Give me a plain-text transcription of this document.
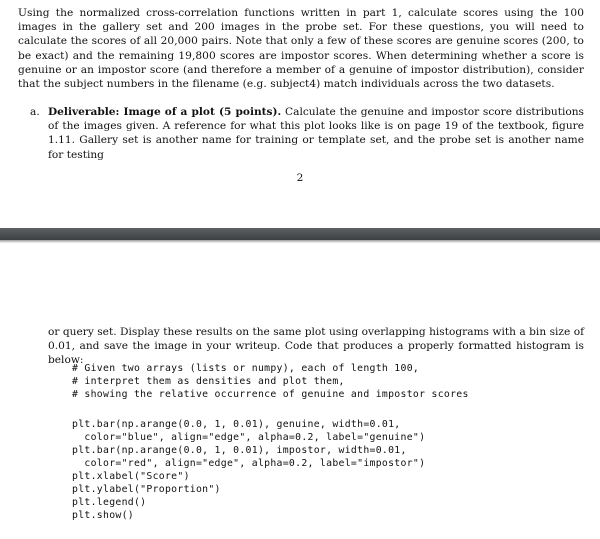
Using the normalized cross-correlation functions written in part 1, calculate scores using the 100 images in the gallery set and 200 images in the probe set. For these questions, you will need to calculate the scores of all 20,000 pairs. Note that only a few of these scores are genuine scores (200, to be exact) and the remaining 19,800 scores are impostor scores. When determining whether a score is genuine or an impostor score (and therefore a member of a genuine of impostor distribution), consider that the subject numbers in the filename (e.g. subject4) match individuals across the two datasets.
a. Deliverable: Image of a plot (5 points). Calculate the genuine and impostor score distributions of the images given. A reference for what this plot looks like is on page 19 of the textbook, figure 1.11. Gallery set is another name for training or template set, and the probe set is another name for testing
2
or query set. Display these results on the same plot using overlapping histograms with a bin size of 0.01, and save the image in your writeup. Code that produces a properly formatted histogram is below:
# Given two arrays (lists or numpy), each of length 100,
# interpret them as densities and plot them,
# showing the relative occurrence of genuine and impostor scores
plt.bar(np.arange(0.0, 1, 0.01), genuine, width=0.01,
color="blue", align="edge", alpha=0.2, label="genuine")
plt.bar(np.arange(0.0, 1, 0.01), impostor, width=0.01,
color="red", align="edge", alpha=0.2, label="impostor")
plt.xlabel("Score")
plt.ylabel("Proportion")
plt.legend()
plt.show()
